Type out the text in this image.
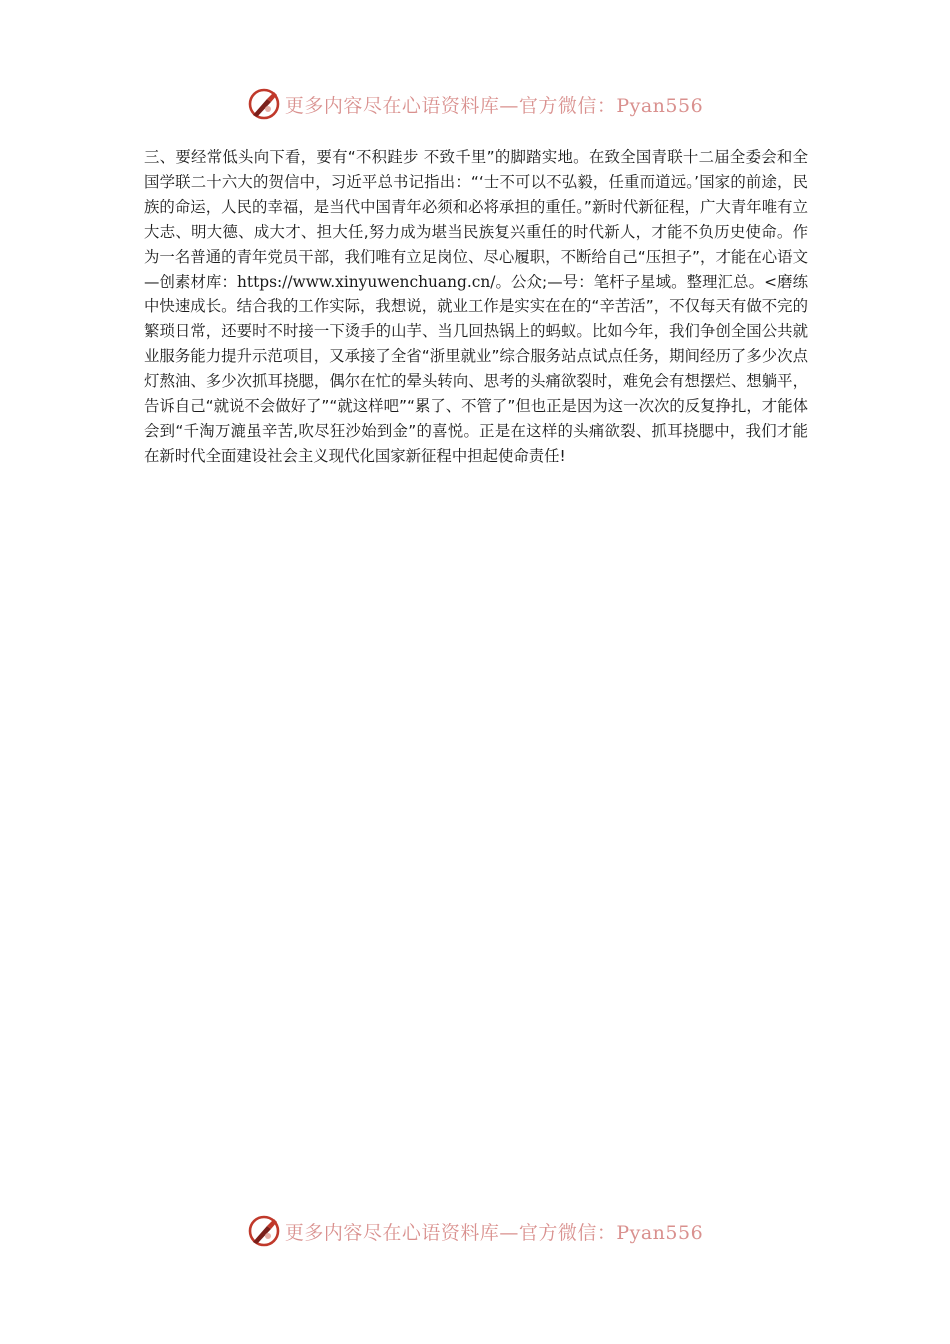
更多内容尽在心语资料库—官方微信：Pyan556

三、要经常低头向下看，要有“不积跬步 不致千里”的脚踏实地。在致全国青联十二届全委会和全国学联二十六大的贺信中，习近平总书记指出：“‘士不可以不弘毅，任重而道远。’国家的前途，民族的命运，人民的幸福，是当代中国青年必须和必将承担的重任。”新时代新征程，广大青年唯有立大志、明大德、成大才、担大任,努力成为堪当民族复兴重任的时代新人，才能不负历史使命。作为一名普通的青年党员干部，我们唯有立足岗位、尽心履职，不断给自己“压担子”，才能在心语文—创素材库：https://www.xinyuwenchuang.cn/。公众;—号：笔杆子星域。整理汇总。<磨练中快速成长。结合我的工作实际，我想说，就业工作是实实在在的“辛苦活”，不仅每天有做不完的繁琐日常，还要时不时接一下烫手的山芋、当几回热锅上的蚂蚁。比如今年，我们争创全国公共就业服务能力提升示范项目，又承接了全省“浙里就业”综合服务站点试点任务，期间经历了多少次点灯熬油、多少次抓耳挠腮，偶尔在忙的晕头转向、思考的头痛欲裂时，难免会有想摆烂、想躺平，告诉自己“就说不会做好了”“就这样吧”“累了、不管了”但也正是因为这一次次的反复挣扎，才能体会到“千淘万漉虽辛苦,吹尽狂沙始到金”的喜悦。正是在这样的头痛欲裂、抓耳挠腮中，我们才能在新时代全面建设社会主义现代化国家新征程中担起使命责任!

更多内容尽在心语资料库—官方微信：Pyan556
